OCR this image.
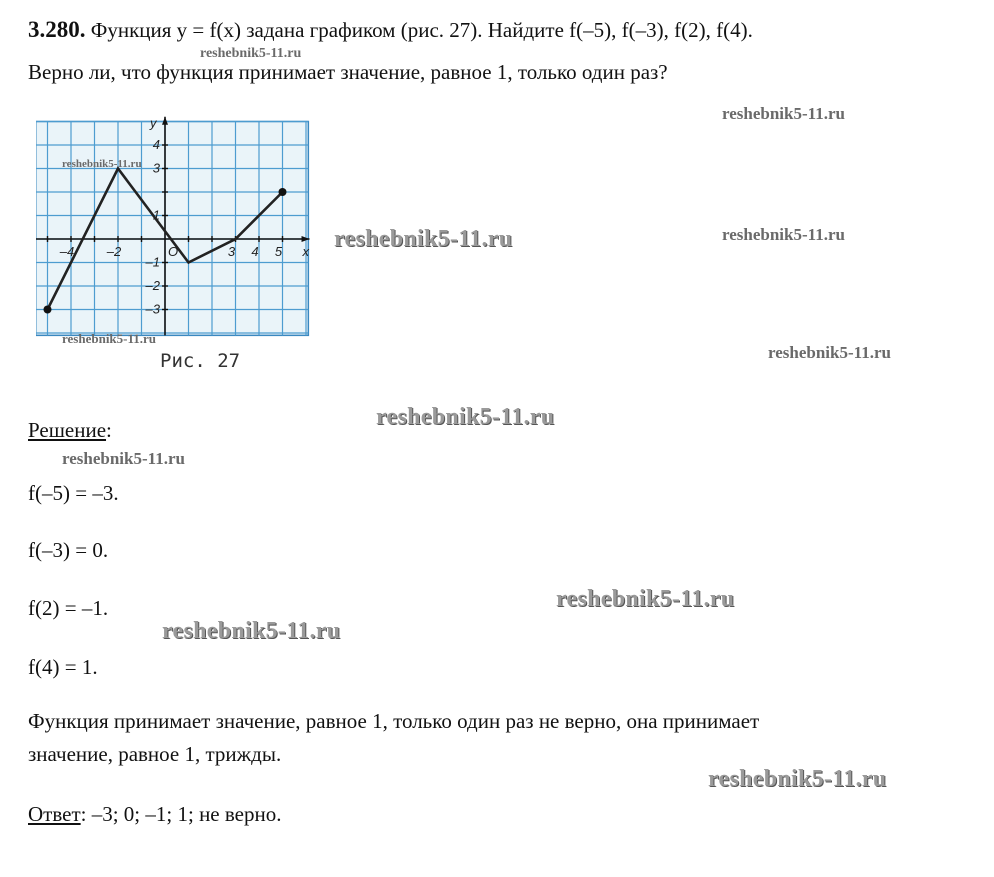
3.280. Функция y = f(x) задана графиком (рис. 27). Найдите f(–5), f(–3), f(2), f(4).
Верно ли, что функция принимает значение, равное 1, только один раз?
–4	–2	3 4 5
4
3
1
–1
–2
–3
O	x
y
Рис. 27
Решение:
f(–5) = –3.
f(–3) = 0.
f(2) = –1.
f(4) = 1.
Функция принимает значение, равное 1, только один раз не верно, она принимает
значение, равное 1, трижды.
Ответ: –3; 0; –1; 1; не верно.
reshebnik5-11.ru
reshebnik5-11.ru
reshebnik5-11.ru
reshebnik5-11.ru
reshebnik5-11.ru
reshebnik5-11.ru
reshebnik5-11.ru
reshebnik5-11.ru
reshebnik5-11.ru
reshebnik5-11.ru
reshebnik5-11.ru
reshebnik5-11.ru
